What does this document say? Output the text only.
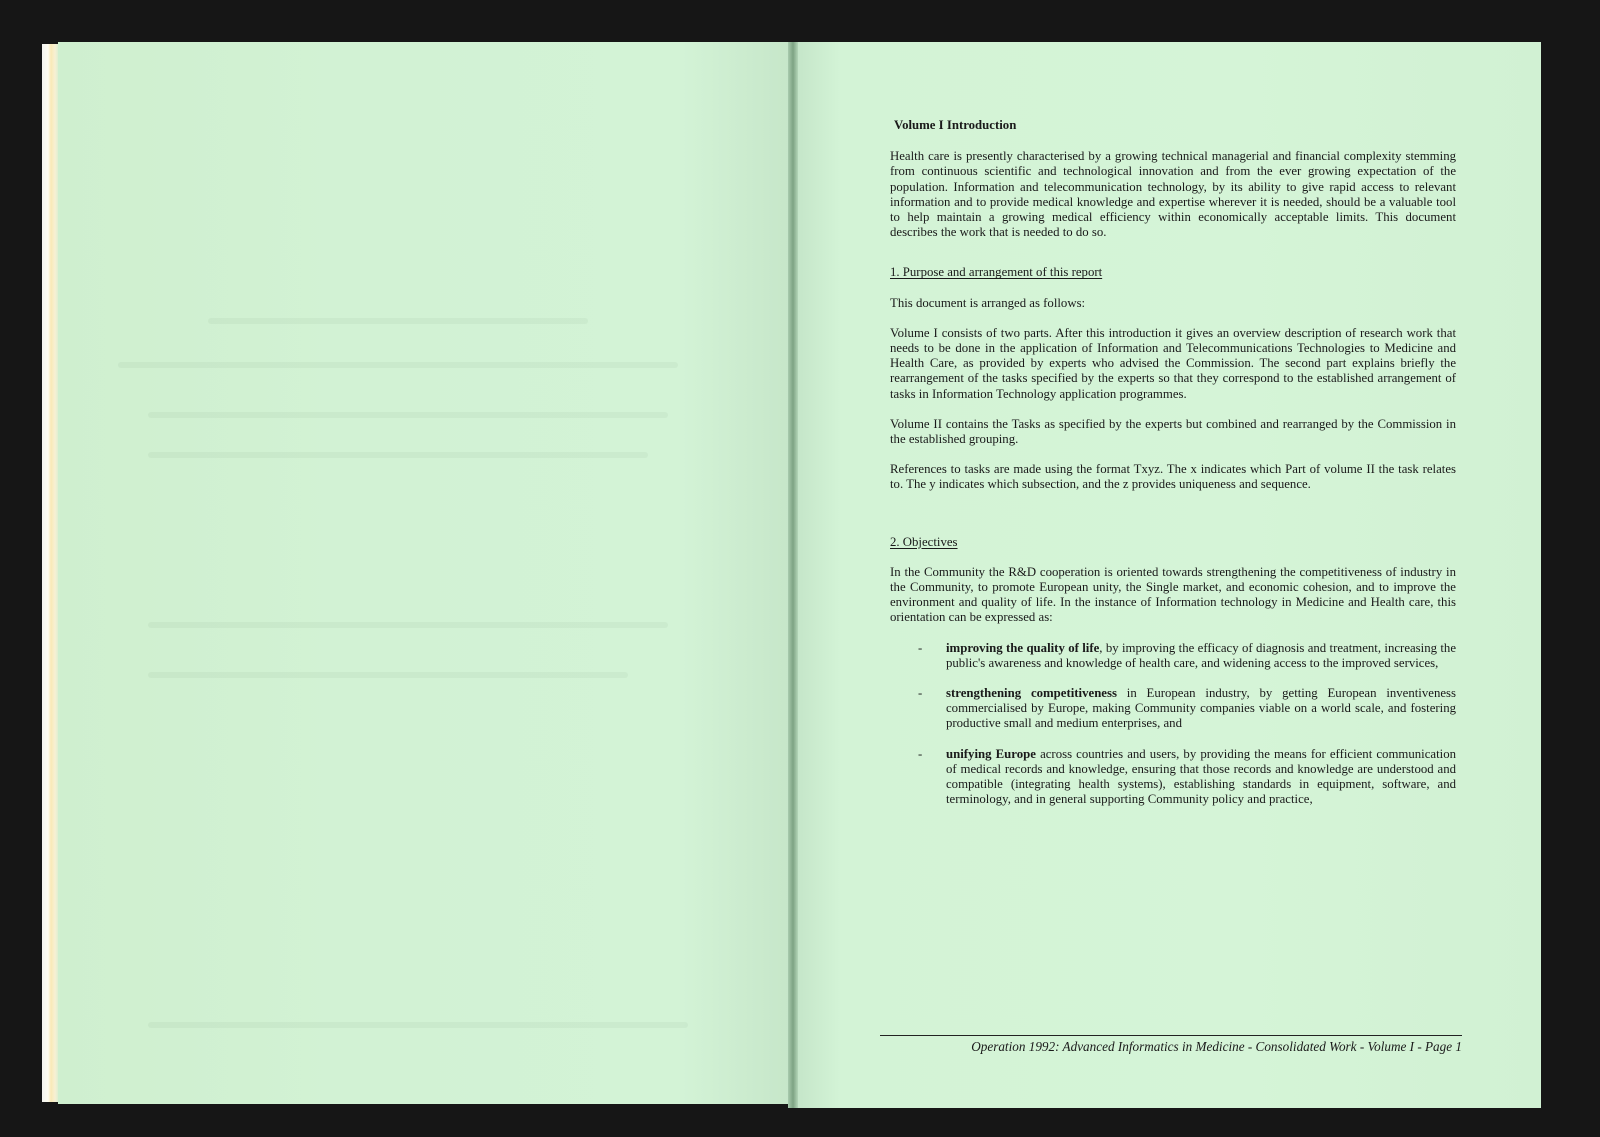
Volume I Introduction

Health care is presently characterised by a growing technical managerial and financial complexity stemming from continuous scientific and technological innovation and from the ever growing expectation of the population. Information and telecommunication technology, by its ability to give rapid access to relevant information and to provide medical knowledge and expertise wherever it is needed, should be a valuable tool to help maintain a growing medical efficiency within economically acceptable limits. This document describes the work that is needed to do so.

1. Purpose and arrangement of this report

This document is arranged as follows:

Volume I consists of two parts. After this introduction it gives an overview description of research work that needs to be done in the application of Information and Telecommunications Technologies to Medicine and Health Care, as provided by experts who advised the Commission. The second part explains briefly the rearrangement of the tasks specified by the experts so that they correspond to the established arrangement of tasks in Information Technology application programmes.

Volume II contains the Tasks as specified by the experts but combined and rearranged by the Commission in the established grouping.

References to tasks are made using the format Txyz. The x indicates which Part of volume II the task relates to. The y indicates which subsection, and the z provides uniqueness and sequence.

2. Objectives

In the Community the R&D cooperation is oriented towards strengthening the competitiveness of industry in the Community, to promote European unity, the Single market, and economic cohesion, and to improve the environment and quality of life. In the instance of Information technology in Medicine and Health care, this orientation can be expressed as:

-	improving the quality of life, by improving the efficacy of diagnosis and treatment, increasing the public's awareness and knowledge of health care, and widening access to the improved services,
-	strengthening competitiveness in European industry, by getting European inventiveness commercialised by Europe, making Community companies viable on a world scale, and fostering productive small and medium enterprises, and
-	unifying Europe across countries and users, by providing the means for efficient communication of medical records and knowledge, ensuring that those records and knowledge are understood and compatible (integrating health systems), establishing standards in equipment, software, and terminology, and in general supporting Community policy and practice,
Operation 1992: Advanced Informatics in Medicine - Consolidated Work - Volume I - Page 1
